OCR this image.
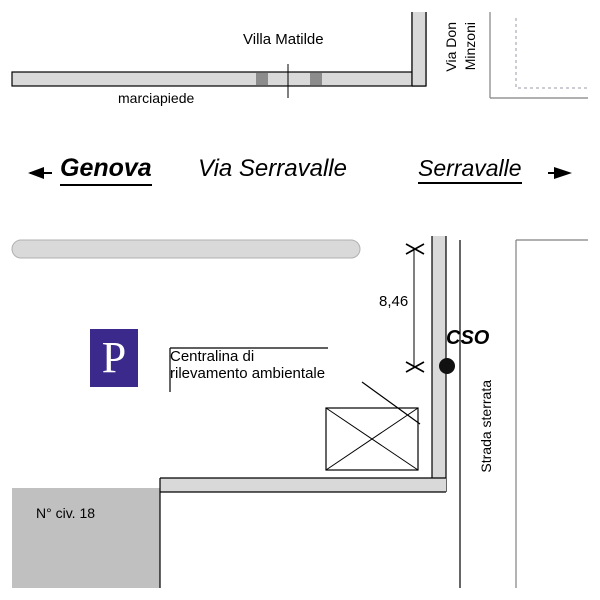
P
Villa Matilde
marciapiede
Via Don Minzoni
Genova Via Serravalle	Serravalle
8,46
CSO
Strada sterrata
Centralina di
rilevamento ambientale
N° civ. 18
